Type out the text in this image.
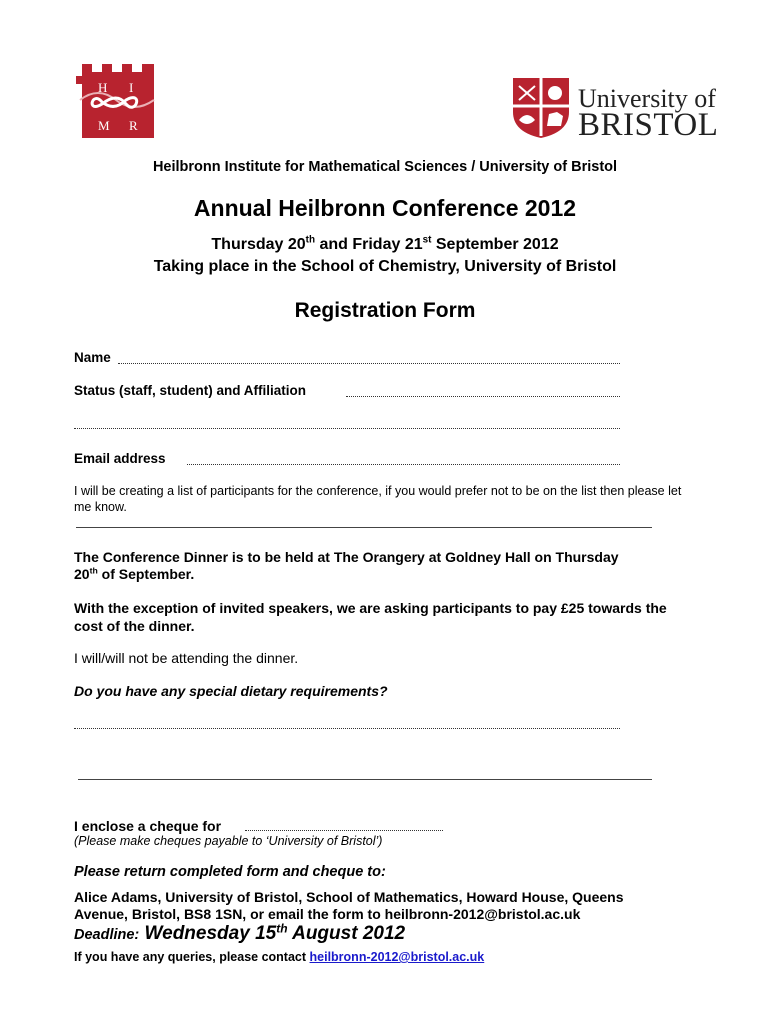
H I
M R
University of
BRISTOL
Heilbronn Institute for Mathematical Sciences / University of Bristol
Annual Heilbronn Conference 2012
Thursday 20th and Friday 21st September 2012
Taking place in the School of Chemistry, University of Bristol
Registration Form
Name
Status (staff, student) and Affiliation
Email address
I will be creating a list of participants for the conference, if you would prefer not to be on the list then please let me know.
The Conference Dinner is to be held at The Orangery at Goldney Hall on Thursday
20th of September.
With the exception of invited speakers, we are asking participants to pay £25 towards the cost of the dinner.
I will/will not be attending the dinner.
Do you have any special dietary requirements?
I enclose a cheque for
(Please make cheques payable to ‘University of Bristol’)
Please return completed form and cheque to:
Alice Adams, University of Bristol, School of Mathematics, Howard House, Queens
Avenue, Bristol, BS8 1SN, or email the form to heilbronn-2012@bristol.ac.uk
Deadline: Wednesday 15th August 2012
If you have any queries, please contact heilbronn-2012@bristol.ac.uk
